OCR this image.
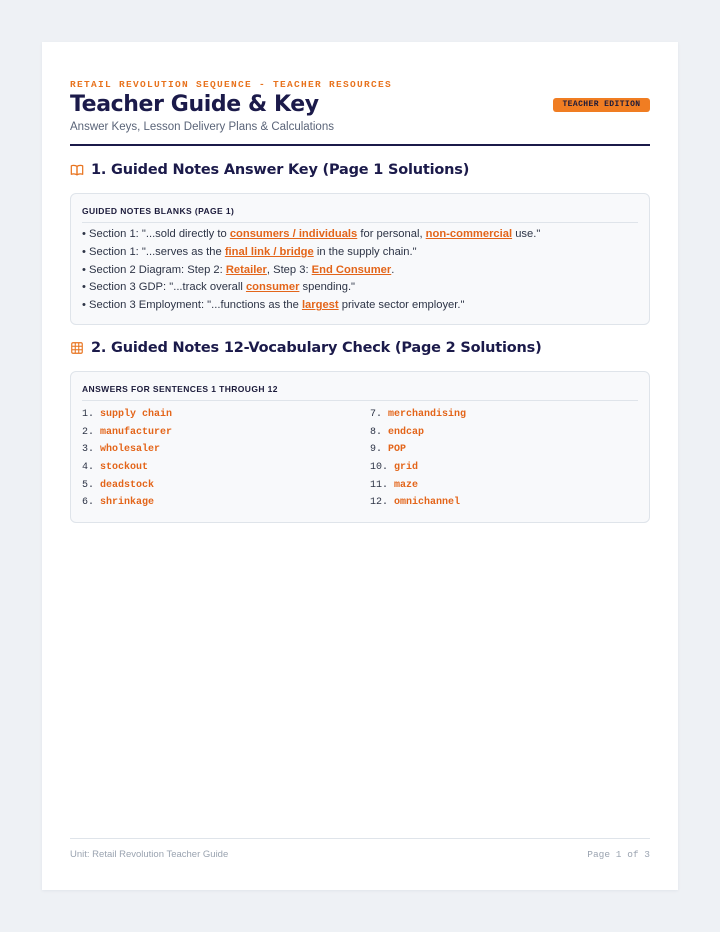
RETAIL REVOLUTION SEQUENCE - TEACHER RESOURCES
Teacher Guide & Key
Answer Keys, Lesson Delivery Plans & Calculations
TEACHER EDITION
1. Guided Notes Answer Key (Page 1 Solutions)
GUIDED NOTES BLANKS (PAGE 1)
• Section 1: "...sold directly to consumers / individuals for personal, non-commercial use."
• Section 1: "...serves as the final link / bridge in the supply chain."
• Section 2 Diagram: Step 2: Retailer, Step 3: End Consumer.
• Section 3 GDP: "...track overall consumer spending."
• Section 3 Employment: "...functions as the largest private sector employer."
2. Guided Notes 12-Vocabulary Check (Page 2 Solutions)
ANSWERS FOR SENTENCES 1 THROUGH 12
1. supply chain
2. manufacturer
3. wholesaler
4. stockout
5. deadstock
6. shrinkage
7. merchandising
8. endcap
9. POP
10. grid
11. maze
12. omnichannel
Unit: Retail Revolution Teacher Guide	Page 1 of 3
